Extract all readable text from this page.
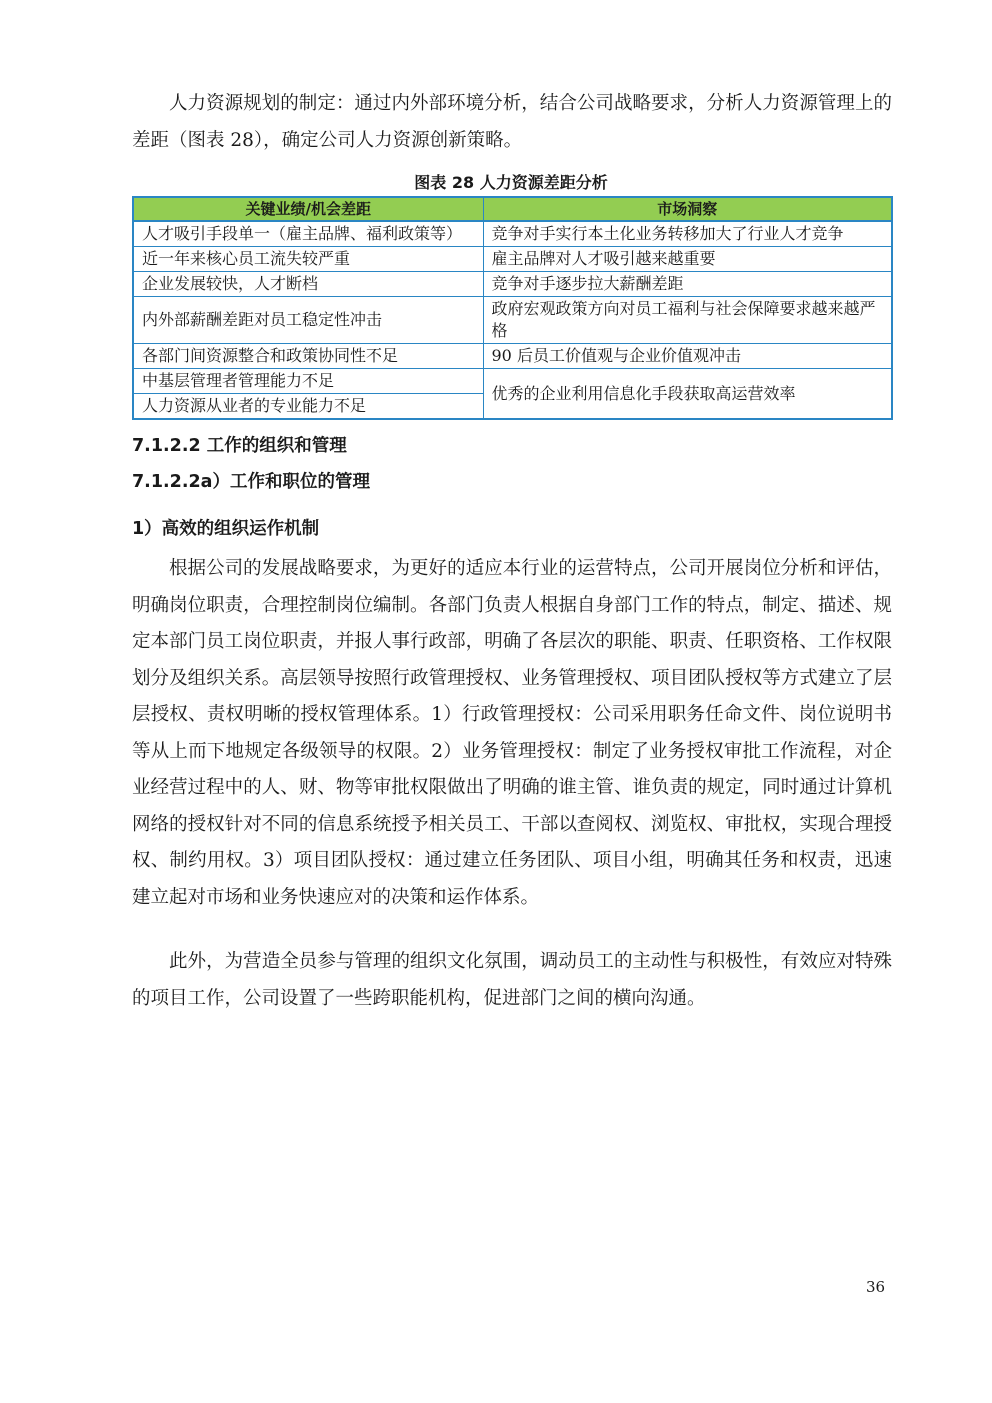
人力资源规划的制定：通过内外部环境分析，结合公司战略要求，分析人力资源管理上的差距（图表 28），确定公司人力资源创新策略。

图表 28 人力资源差距分析
关键业绩/机会差距	市场洞察
人才吸引手段单一（雇主品牌、福利政策等）	竞争对手实行本土化业务转移加大了行业人才竞争
近一年来核心员工流失较严重	雇主品牌对人才吸引越来越重要
企业发展较快，人才断档	竞争对手逐步拉大薪酬差距
内外部薪酬差距对员工稳定性冲击	政府宏观政策方向对员工福利与社会保障要求越来越严格
各部门间资源整合和政策协同性不足	90 后员工价值观与企业价值观冲击
中基层管理者管理能力不足	优秀的企业利用信息化手段获取高运营效率
人力资源从业者的专业能力不足	
7.1.2.2 工作的组织和管理
7.1.2.2a）工作和职位的管理
1）高效的组织运作机制

根据公司的发展战略要求，为更好的适应本行业的运营特点，公司开展岗位分析和评估，明确岗位职责，合理控制岗位编制。各部门负责人根据自身部门工作的特点，制定、描述、规定本部门员工岗位职责，并报人事行政部，明确了各层次的职能、职责、任职资格、工作权限划分及组织关系。高层领导按照行政管理授权、业务管理授权、项目团队授权等方式建立了层层授权、责权明晰的授权管理体系。1）行政管理授权：公司采用职务任命文件、岗位说明书等从上而下地规定各级领导的权限。2）业务管理授权：制定了业务授权审批工作流程，对企业经营过程中的人、财、物等审批权限做出了明确的谁主管、谁负责的规定，同时通过计算机网络的授权针对不同的信息系统授予相关员工、干部以查阅权、浏览权、审批权，实现合理授权、制约用权。3）项目团队授权：通过建立任务团队、项目小组，明确其任务和权责，迅速建立起对市场和业务快速应对的决策和运作体系。

此外，为营造全员参与管理的组织文化氛围，调动员工的主动性与积极性，有效应对特殊的项目工作，公司设置了一些跨职能机构，促进部门之间的横向沟通。

36
